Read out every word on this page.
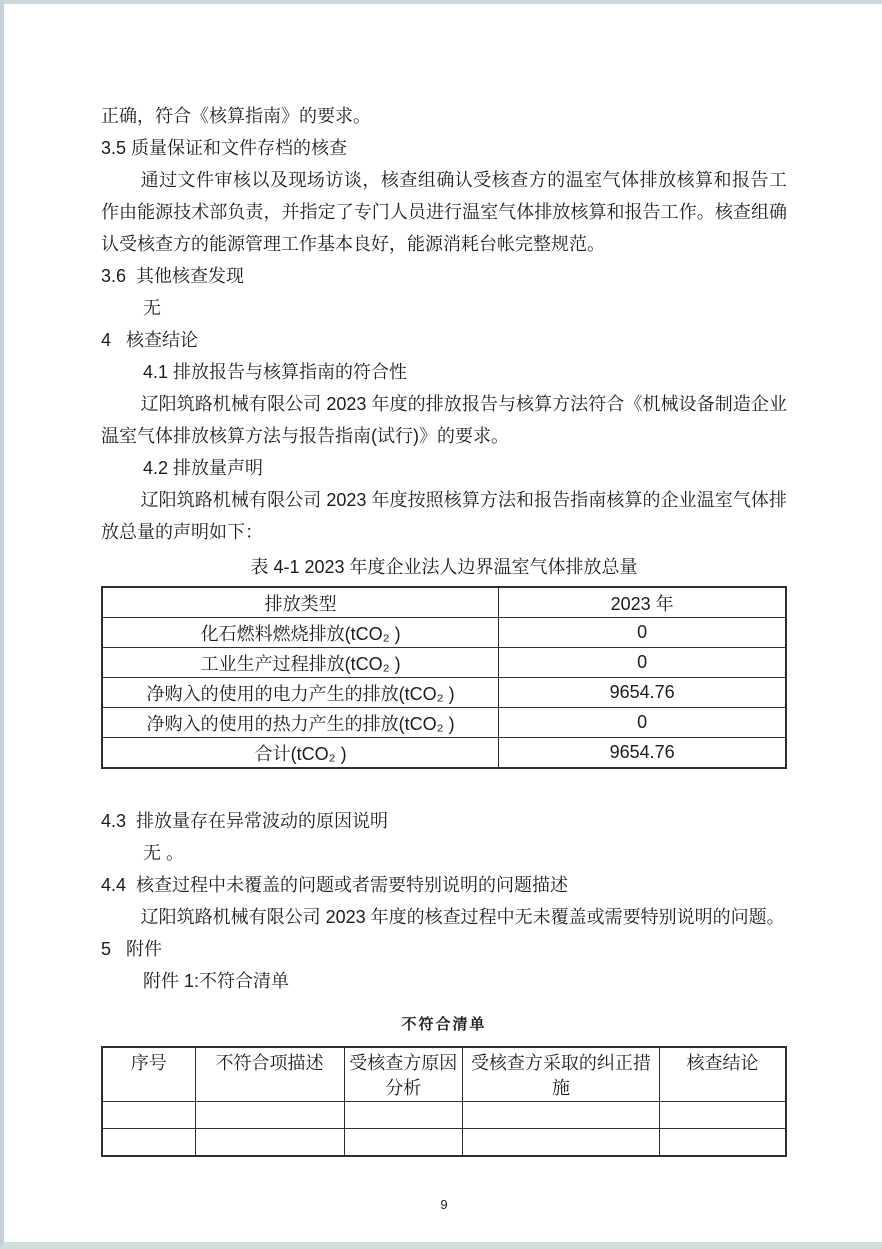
正确，符合《核算指南》的要求。

3.5 质量保证和文件存档的核查

通过文件审核以及现场访谈，核查组确认受核查方的温室气体排放核算和报告工作由能源技术部负责，并指定了专门人员进行温室气体排放核算和报告工作。核查组确认受核查方的能源管理工作基本良好，能源消耗台帐完整规范。

3.6  其他核查发现

无

4   核查结论

4.1 排放报告与核算指南的符合性

辽阳筑路机械有限公司 2023 年度的排放报告与核算方法符合《机械设备制造企业温室气体排放核算方法与报告指南(试行)》的要求。

4.2 排放量声明

辽阳筑路机械有限公司 2023 年度按照核算方法和报告指南核算的企业温室气体排放总量的声明如下：

表 4-1 2023 年度企业法人边界温室气体排放总量

排放类型	2023 年
化石燃料燃烧排放(tCO₂ )	0
工业生产过程排放(tCO₂ )	0
净购入的使用的电力产生的排放(tCO₂ )	9654.76
净购入的使用的热力产生的排放(tCO₂ )	0
合计(tCO₂ )	9654.76

4.3  排放量存在异常波动的原因说明

无 。

4.4  核查过程中未覆盖的问题或者需要特别说明的问题描述

辽阳筑路机械有限公司 2023 年度的核查过程中无未覆盖或需要特别说明的问题。

5   附件

附件 1:不符合清单

不符合清单

序号	不符合项描述	受核查方原因分析	受核查方采取的纠正措施	核查结论

9
